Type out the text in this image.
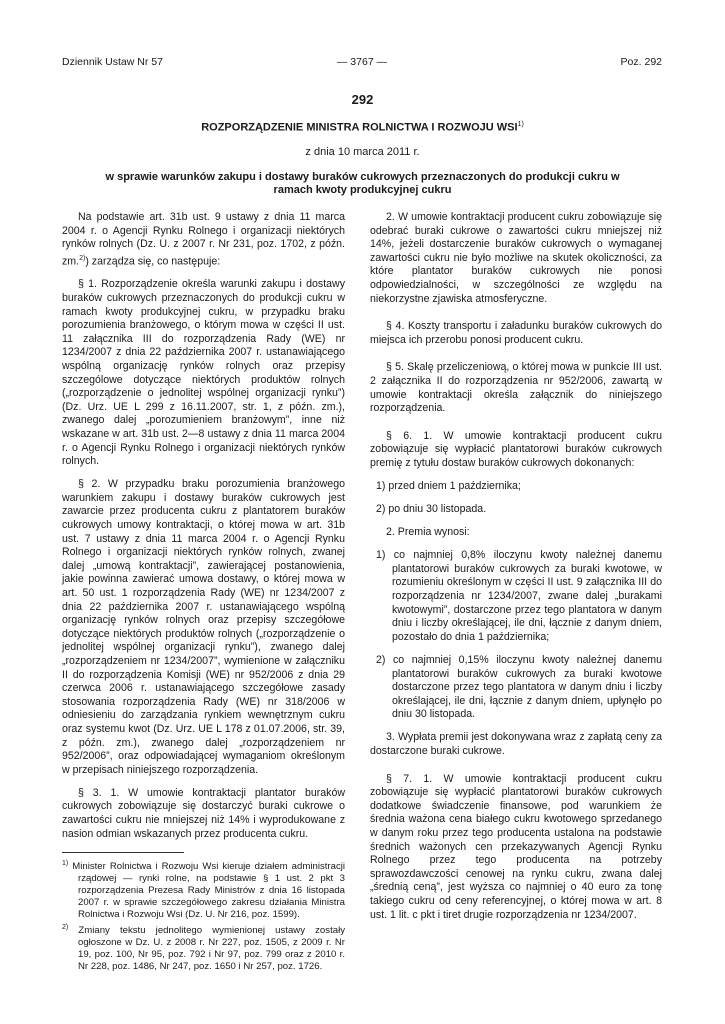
Dziennik Ustaw Nr 57	— 3767 —	Poz. 292
292
ROZPORZĄDZENIE MINISTRA ROLNICTWA I ROZWOJU WSI$^{1)}$
z dnia 10 marca 2011 r.
w sprawie warunków zakupu i dostawy buraków cukrowych przeznaczonych do produkcji cukru w ramach kwoty produkcyjnej cukru

Na podstawie art. 31b ust. 9 ustawy z dnia 11 marca 2004 r. o Agencji Rynku Rolnego i organizacji niektórych rynków rolnych (Dz. U. z 2007 r. Nr 231, poz. 1702, z późn. zm.$^{2)}$) zarządza się, co następuje:

§ 1. Rozporządzenie określa warunki zakupu i dostawy buraków cukrowych przeznaczonych do produkcji cukru w ramach kwoty produkcyjnej cukru, w przypadku braku porozumienia branżowego, o którym mowa w części II ust. 11 załącznika III do rozporządzenia Rady (WE) nr 1234/2007 z dnia 22 października 2007 r. ustanawiającego wspólną organizację rynków rolnych oraz przepisy szczególowe dotyczące niektórych produktów rolnych („rozporządzenie o jednolitej wspólnej organizacji rynku”) (Dz. Urz. UE L 299 z 16.11.2007, str. 1, z późn. zm.), zwanego dalej „porozumieniem branżowym”, inne niż wskazane w art. 31b ust. 2—8 ustawy z dnia 11 marca 2004 r. o Agencji Rynku Rolnego i organizacji niektórych rynków rolnych.

§ 2. W przypadku braku porozumienia branżowego warunkiem zakupu i dostawy buraków cukrowych jest zawarcie przez producenta cukru z plantatorem buraków cukrowych umowy kontraktacji, o której mowa w art. 31b ust. 7 ustawy z dnia 11 marca 2004 r. o Agencji Rynku Rolnego i organizacji niektórych rynków rolnych, zwanej dalej „umową kontraktacji”, zawierającej postanowienia, jakie powinna zawierać umowa dostawy, o której mowa w art. 50 ust. 1 rozporządzenia Rady (WE) nr 1234/2007 z dnia 22 października 2007 r. ustanawiającego wspólną organizację rynków rolnych oraz przepisy szczegółowe dotyczące niektórych produktów rolnych („rozporządzenie o jednolitej wspólnej organizacji rynku”), zwanego dalej „rozporządzeniem nr 1234/2007”, wymienione w załączniku II do rozporządzenia Komisji (WE) nr 952/2006 z dnia 29 czerwca 2006 r. ustanawiającego szczegółowe zasady stosowania rozporządzenia Rady (WE) nr 318/2006 w odniesieniu do zarządzania rynkiem wewnętrznym cukru oraz systemu kwot (Dz. Urz. UE L 178 z 01.07.2006, str. 39, z późn. zm.), zwanego dalej „rozporządzeniem nr 952/2006”, oraz odpowiadającej wymaganiom określonym w przepisach niniejszego rozporządzenia.

§ 3. 1. W umowie kontraktacji plantator buraków cukrowych zobowiązuje się dostarczyć buraki cukrowe o zawartości cukru nie mniejszej niż 14% i wyprodukowane z nasion odmian wskazanych przez producenta cukru.

$^{1)}$ Minister Rolnictwa i Rozwoju Wsi kieruje działem administracji rządowej — rynki rolne, na podstawie § 1 ust. 2 pkt 3 rozporządzenia Prezesa Rady Ministrów z dnia 16 listopada 2007 r. w sprawie szczegółowego zakresu działania Ministra Rolnictwa i Rozwoju Wsi (Dz. U. Nr 216, poz. 1599).
$^{2)}$ Zmiany tekstu jednolitego wymienionej ustawy zostały ogłoszone w Dz. U. z 2008 r. Nr 227, poz. 1505, z 2009 r. Nr 19, poz. 100, Nr 95, poz. 792 i Nr 97, poz. 799 oraz z 2010 r. Nr 228, poz. 1486, Nr 247, poz. 1650 i Nr 257, poz. 1726.

2. W umowie kontraktacji producent cukru zobowiązuje się odebrać buraki cukrowe o zawartości cukru mniejszej niż 14%, jeżeli dostarczenie buraków cukrowych o wymaganej zawartości cukru nie było możliwe na skutek okoliczności, za które plantator buraków cukrowych nie ponosi odpowiedzialności, w szczególności ze względu na niekorzystne zjawiska atmosferyczne.

§ 4. Koszty transportu i załadunku buraków cukrowych do miejsca ich przerobu ponosi producent cukru.

§ 5. Skalę przeliczeniową, o której mowa w punkcie III ust. 2 załącznika II do rozporządzenia nr 952/2006, zawartą w umowie kontraktacji określa załącznik do niniejszego rozporządzenia.

§ 6. 1. W umowie kontraktacji producent cukru zobowiązuje się wypłacić plantatorowi buraków cukrowych premię z tytułu dostaw buraków cukrowych dokonanych:

1) przed dniem 1 października;
2) po dniu 30 listopada.

2. Premia wynosi:

1) co najmniej 0,8% iloczynu kwoty należnej danemu plantatorowi buraków cukrowych za buraki kwotowe, w rozumieniu określonym w części II ust. 9 załącznika III do rozporządzenia nr 1234/2007, zwane dalej „burakami kwotowymi”, dostarczone przez tego plantatora w danym dniu i liczby określającej, ile dni, łącznie z danym dniem, pozostało do dnia 1 października;
2) co najmniej 0,15% iloczynu kwoty należnej danemu plantatorowi buraków cukrowych za buraki kwotowe dostarczone przez tego plantatora w danym dniu i liczby określającej, ile dni, łącznie z danym dniem, upłynęło po dniu 30 listopada.

3. Wypłata premii jest dokonywana wraz z zapłatą ceny za dostarczone buraki cukrowe.

§ 7. 1. W umowie kontraktacji producent cukru zobowiązuje się wypłacić plantatorowi buraków cukrowych dodatkowe świadczenie finansowe, pod warunkiem że średnia ważona cena białego cukru kwotowego sprzedanego w danym roku przez tego producenta ustalona na podstawie średnich ważonych cen przekazywanych Agencji Rynku Rolnego przez tego producenta na potrzeby sprawozdawczości cenowej na rynku cukru, zwana dalej „średnią ceną”, jest wyższa co najmniej o 40 euro za tonę takiego cukru od ceny referencyjnej, o której mowa w art. 8 ust. 1 lit. c pkt i tiret drugie rozporządzenia nr 1234/2007.
